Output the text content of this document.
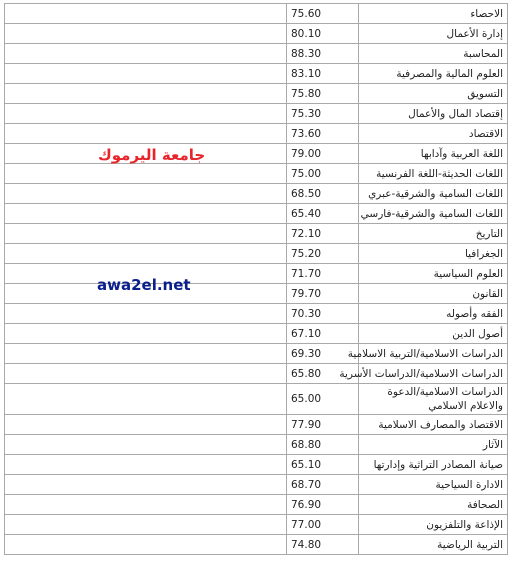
	75.60	الاحصاء
	80.10	إدارة الأعمال
	88.30	المحاسبة
	83.10	العلوم المالية والمصرفية
	75.80	التسويق
	75.30	إقتصاد المال والأعمال
	73.60	الاقتصاد
	79.00	اللغة العربية وآدابها
	75.00	اللغات الحديثة-اللغة الفرنسية
	68.50	اللغات السامية والشرقية-عبري
	65.40	اللغات السامية والشرقية-فارسي
	72.10	التاريخ
	75.20	الجغرافيا
	71.70	العلوم السياسية
	79.70	القانون
	70.30	الفقه وأصوله
	67.10	أصول الدين
	69.30	الدراسات الاسلامية/التربية الاسلامية
	65.80	الدراسات الاسلامية/الدراسات الأسرية
	65.00	الدراسات الاسلامية/الدعوة والاعلام الاسلامي
	77.90	الاقتصاد والمصارف الاسلامية
	68.80	الآثار
	65.10	صيانة المصادر التراثية وإدارتها
	68.70	الادارة السياحية
	76.90	الصحافة
	77.00	الإذاعة والتلفزيون
	74.80	التربية الرياضية
جامعة اليرموك
awa2el.net
